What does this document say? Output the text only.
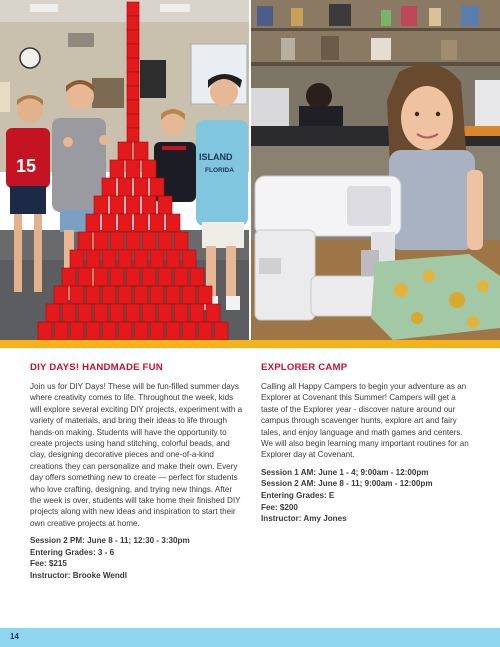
15	ISLAND
FLORIDA
DIY DAYS! HANDMADE FUN

Join us for DIY Days! These will be fun-filled summer days where creativity comes to life. Throughout the week, kids will explore several exciting DIY projects, experiment with a variety of materials, and bring their ideas to life through hands-on making. Students will have the opportunity to create projects using hand stitching, colorful beads, and clay, designing decorative pieces and one-of-a-kind creations they can personalize and make their own. Every day offers something new to create — perfect for students who love crafting, designing, and trying new things. After the week is over, students will take home their finished DIY projects along with new ideas and inspiration to start their own creative projects at home.

Session 2 PM: June 8 - 11; 12:30 - 3:30pm
Entering Grades: 3 - 6
Fee: $215
Instructor: Brooke Wendl
EXPLORER CAMP

Calling all Happy Campers to begin your adventure as an Explorer at Covenant this Summer! Campers will get a taste of the Explorer year - discover nature around our campus through scavenger hunts, explore art and fairy tales, and enjoy language and math games and centers. We will also begin learning many important routines for an Explorer day at Covenant.

Session 1 AM: June 1 - 4; 9:00am - 12:00pm
Session 2 AM: June 8 - 11; 9:00am - 12:00pm
Entering Grades: E
Fee: $200
Instructor: Amy Jones
14
